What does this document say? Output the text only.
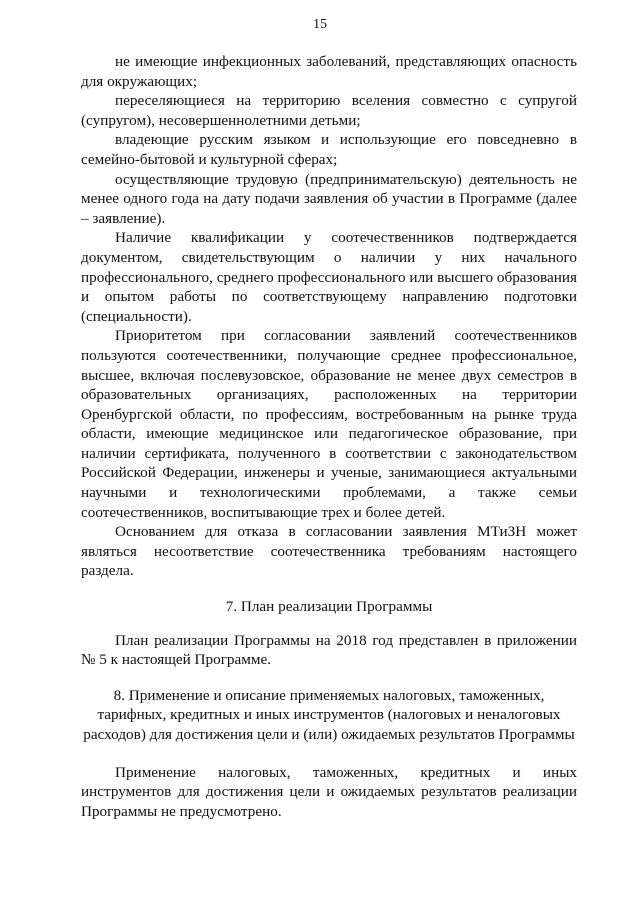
15

не имеющие инфекционных заболеваний, представляющих опасность для окружающих;

переселяющиеся на территорию вселения совместно с супругой (супругом), несовершеннолетними детьми;

владеющие русским языком и использующие его повседневно в семейно-бытовой и культурной сферах;

осуществляющие трудовую (предпринимательскую) деятельность не менее одного года на дату подачи заявления об участии в Программе (далее – заявление).

Наличие квалификации у соотечественников подтверждается документом, свидетельствующим о наличии у них начального профессионального, среднего профессионального или высшего образования и опытом работы по соответствующему направлению подготовки (специальности).

Приоритетом при согласовании заявлений соотечественников пользуются соотечественники, получающие среднее профессиональное, высшее, включая послевузовское, образование не менее двух семестров в образовательных организациях, расположенных на территории Оренбургской области, по профессиям, востребованным на рынке труда области, имеющие медицинское или педагогическое образование, при наличии сертификата, полученного в соответствии с законодательством Российской Федерации, инженеры и ученые, занимающиеся актуальными научными и технологическими проблемами, а также семьи соотечественников, воспитывающие трех и более детей.

Основанием для отказа в согласовании заявления МТиЗН может являться несоответствие соотечественника требованиям настоящего раздела.

7. План реализации Программы

План реализации Программы на 2018 год представлен в приложении № 5 к настоящей Программе.

8. Применение и описание применяемых налоговых, таможенных,
тарифных, кредитных и иных инструментов (налоговых и неналоговых
расходов) для достижения цели и (или) ожидаемых результатов Программы

Применение налоговых, таможенных, кредитных и иных инструментов для достижения цели и ожидаемых результатов реализации Программы не предусмотрено.
